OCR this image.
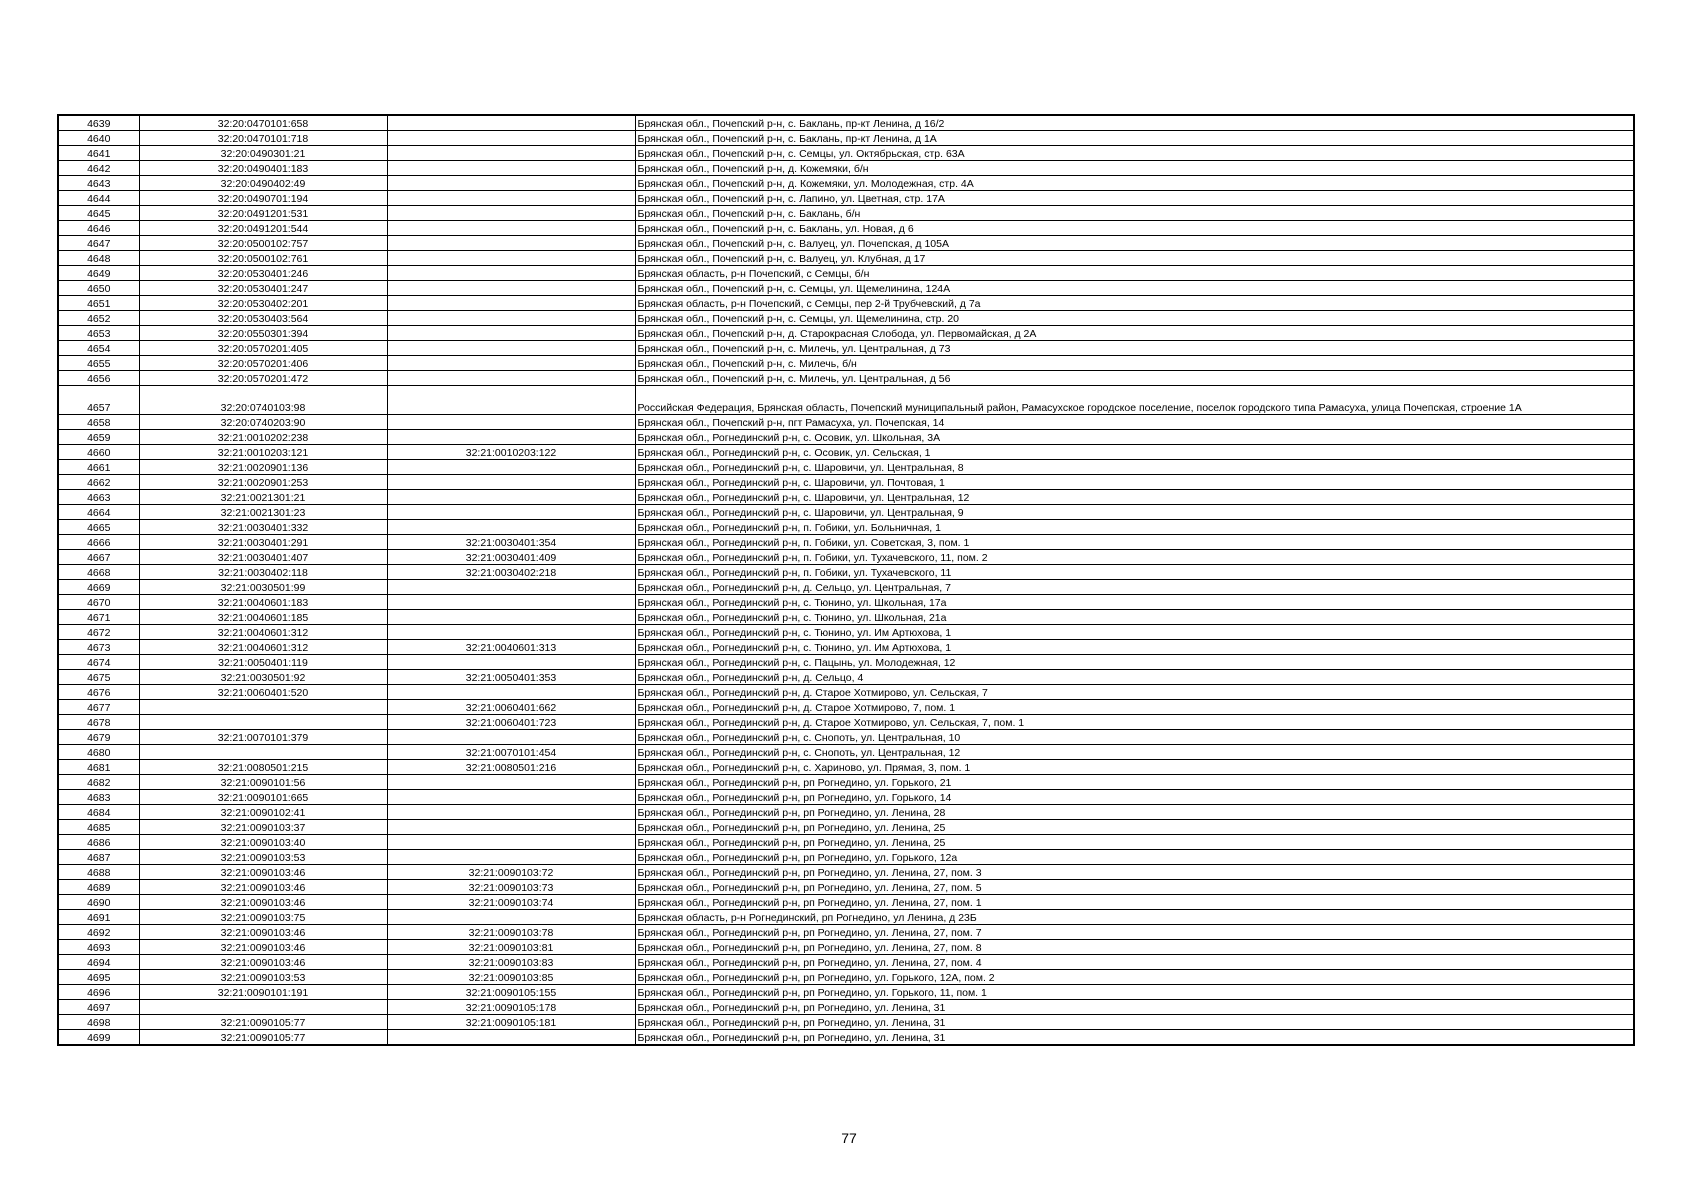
4639	32:20:0470101:658		Брянская обл., Почепский р-н, с. Баклань, пр-кт Ленина, д 16/2
4640	32:20:0470101:718		Брянская обл., Почепский р-н, с. Баклань, пр-кт Ленина, д 1А
4641	32:20:0490301:21		Брянская обл., Почепский р-н, с. Семцы, ул. Октябрьская, стр. 63А
4642	32:20:0490401:183		Брянская обл., Почепский р-н, д. Кожемяки, б/н
4643	32:20:0490402:49		Брянская обл., Почепский р-н, д. Кожемяки, ул. Молодежная, стр. 4А
4644	32:20:0490701:194		Брянская обл., Почепский р-н, с. Лапино, ул. Цветная, стр. 17А
4645	32:20:0491201:531		Брянская обл., Почепский р-н, с. Баклань, б/н
4646	32:20:0491201:544		Брянская обл., Почепский р-н, с. Баклань, ул. Новая, д 6
4647	32:20:0500102:757		Брянская обл., Почепский р-н, с. Валуец, ул. Почепская, д 105А
4648	32:20:0500102:761		Брянская обл., Почепский р-н, с. Валуец, ул. Клубная, д 17
4649	32:20:0530401:246		Брянская область, р-н Почепский, с Семцы, б/н
4650	32:20:0530401:247		Брянская обл., Почепский р-н, с. Семцы, ул. Щемелинина, 124А
4651	32:20:0530402:201		Брянская область, р-н Почепский, с Семцы, пер 2-й Трубчевский, д 7а
4652	32:20:0530403:564		Брянская обл., Почепский р-н, с. Семцы, ул. Щемелинина, стр. 20
4653	32:20:0550301:394		Брянская обл., Почепский р-н, д. Старокрасная Слобода, ул. Первомайская, д 2А
4654	32:20:0570201:405		Брянская обл., Почепский р-н, с. Милечь, ул. Центральная, д 73
4655	32:20:0570201:406		Брянская обл., Почепский р-н, с. Милечь, б/н
4656	32:20:0570201:472		Брянская обл., Почепский р-н, с. Милечь, ул. Центральная, д 56
4657	32:20:0740103:98		Российская Федерация, Брянская область, Почепский муниципальный район, Рамасухское городское поселение, поселок городского типа Рамасуха, улица Почепская, строение 1А
4658	32:20:0740203:90		Брянская обл., Почепский р-н, пгт Рамасуха, ул. Почепская, 14
4659	32:21:0010202:238		Брянская обл., Рогнединский р-н, с. Осовик, ул. Школьная, 3А
4660	32:21:0010203:121	32:21:0010203:122	Брянская обл., Рогнединский р-н, с. Осовик, ул. Сельская, 1
4661	32:21:0020901:136		Брянская обл., Рогнединский р-н, с. Шаровичи, ул. Центральная, 8
4662	32:21:0020901:253		Брянская обл., Рогнединский р-н, с. Шаровичи, ул. Почтовая, 1
4663	32:21:0021301:21		Брянская обл., Рогнединский р-н, с. Шаровичи, ул. Центральная, 12
4664	32:21:0021301:23		Брянская обл., Рогнединский р-н, с. Шаровичи, ул. Центральная, 9
4665	32:21:0030401:332		Брянская обл., Рогнединский р-н, п. Гобики, ул. Больничная, 1
4666	32:21:0030401:291	32:21:0030401:354	Брянская обл., Рогнединский р-н, п. Гобики, ул. Советская, 3, пом. 1
4667	32:21:0030401:407	32:21:0030401:409	Брянская обл., Рогнединский р-н, п. Гобики, ул. Тухачевского, 11, пом. 2
4668	32:21:0030402:118	32:21:0030402:218	Брянская обл., Рогнединский р-н, п. Гобики, ул. Тухачевского, 11
4669	32:21:0030501:99		Брянская обл., Рогнединский р-н, д. Сельцо, ул. Центральная, 7
4670	32:21:0040601:183		Брянская обл., Рогнединский р-н, с. Тюнино, ул. Школьная, 17а
4671	32:21:0040601:185		Брянская обл., Рогнединский р-н, с. Тюнино, ул. Школьная, 21а
4672	32:21:0040601:312		Брянская обл., Рогнединский р-н, с. Тюнино, ул. Им Артюхова, 1
4673	32:21:0040601:312	32:21:0040601:313	Брянская обл., Рогнединский р-н, с. Тюнино, ул. Им Артюхова, 1
4674	32:21:0050401:119		Брянская обл., Рогнединский р-н, с. Пацынь, ул. Молодежная, 12
4675	32:21:0030501:92	32:21:0050401:353	Брянская обл., Рогнединский р-н, д. Сельцо, 4
4676	32:21:0060401:520		Брянская обл., Рогнединский р-н, д. Старое Хотмирово, ул. Сельская, 7
4677		32:21:0060401:662	Брянская обл., Рогнединский р-н, д. Старое Хотмирово, 7, пом. 1
4678		32:21:0060401:723	Брянская обл., Рогнединский р-н, д. Старое Хотмирово, ул. Сельская, 7, пом. 1
4679	32:21:0070101:379		Брянская обл., Рогнединский р-н, с. Снопоть, ул. Центральная, 10
4680		32:21:0070101:454	Брянская обл., Рогнединский р-н, с. Снопоть, ул. Центральная, 12
4681	32:21:0080501:215	32:21:0080501:216	Брянская обл., Рогнединский р-н, с. Хариново, ул. Прямая, 3, пом. 1
4682	32:21:0090101:56		Брянская обл., Рогнединский р-н, рп Рогнедино, ул. Горького, 21
4683	32:21:0090101:665		Брянская обл., Рогнединский р-н, рп Рогнедино, ул. Горького, 14
4684	32:21:0090102:41		Брянская обл., Рогнединский р-н, рп Рогнедино, ул. Ленина, 28
4685	32:21:0090103:37		Брянская обл., Рогнединский р-н, рп Рогнедино, ул. Ленина, 25
4686	32:21:0090103:40		Брянская обл., Рогнединский р-н, рп Рогнедино, ул. Ленина, 25
4687	32:21:0090103:53		Брянская обл., Рогнединский р-н, рп Рогнедино, ул. Горького, 12а
4688	32:21:0090103:46	32:21:0090103:72	Брянская обл., Рогнединский р-н, рп Рогнедино, ул. Ленина, 27, пом. 3
4689	32:21:0090103:46	32:21:0090103:73	Брянская обл., Рогнединский р-н, рп Рогнедино, ул. Ленина, 27, пом. 5
4690	32:21:0090103:46	32:21:0090103:74	Брянская обл., Рогнединский р-н, рп Рогнедино, ул. Ленина, 27, пом. 1
4691	32:21:0090103:75		Брянская область, р-н Рогнединский, рп Рогнедино, ул Ленина, д 23Б
4692	32:21:0090103:46	32:21:0090103:78	Брянская обл., Рогнединский р-н, рп Рогнедино, ул. Ленина, 27, пом. 7
4693	32:21:0090103:46	32:21:0090103:81	Брянская обл., Рогнединский р-н, рп Рогнедино, ул. Ленина, 27, пом. 8
4694	32:21:0090103:46	32:21:0090103:83	Брянская обл., Рогнединский р-н, рп Рогнедино, ул. Ленина, 27, пом. 4
4695	32:21:0090103:53	32:21:0090103:85	Брянская обл., Рогнединский р-н, рп Рогнедино, ул. Горького, 12А, пом. 2
4696	32:21:0090101:191	32:21:0090105:155	Брянская обл., Рогнединский р-н, рп Рогнедино, ул. Горького, 11, пом. 1
4697		32:21:0090105:178	Брянская обл., Рогнединский р-н, рп Рогнедино, ул. Ленина, 31
4698	32:21:0090105:77	32:21:0090105:181	Брянская обл., Рогнединский р-н, рп Рогнедино, ул. Ленина, 31
4699	32:21:0090105:77		Брянская обл., Рогнединский р-н, рп Рогнедино, ул. Ленина, 31
77
